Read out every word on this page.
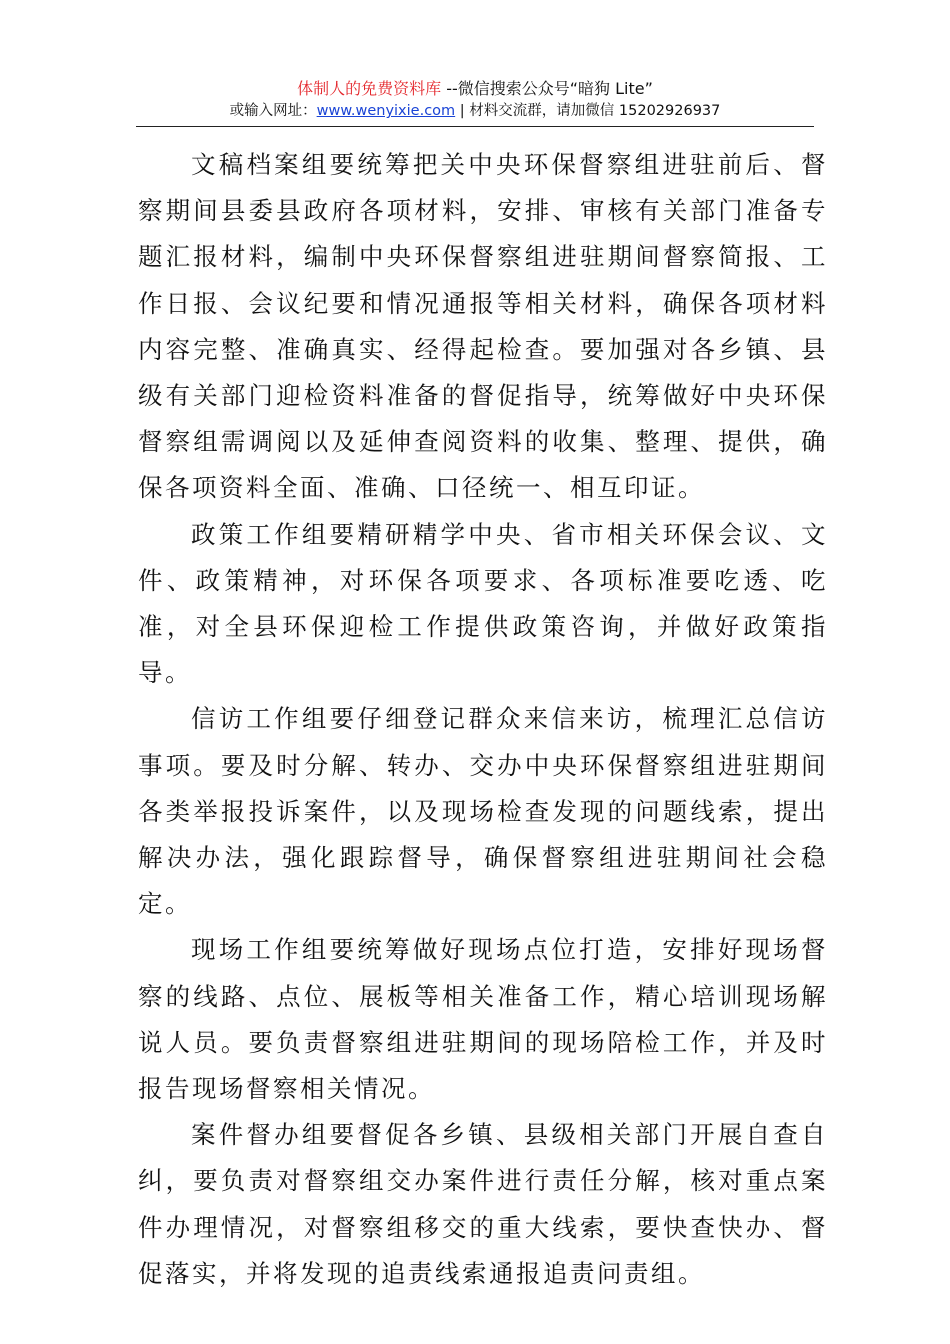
体制人的免费资料库 --微信搜索公众号“暗狗 Lite”
或输入网址：www.wenyixie.com | 材料交流群，请加微信 15202926937

文稿档案组要统筹把关中央环保督察组进驻前后、督察期间县委县政府各项材料，安排、审核有关部门准备专题汇报材料，编制中央环保督察组进驻期间督察简报、工作日报、会议纪要和情况通报等相关材料，确保各项材料内容完整、准确真实、经得起检查。要加强对各乡镇、县级有关部门迎检资料准备的督促指导，统筹做好中央环保督察组需调阅以及延伸查阅资料的收集、整理、提供，确保各项资料全面、准确、口径统一、相互印证。

政策工作组要精研精学中央、省市相关环保会议、文件、政策精神，对环保各项要求、各项标准要吃透、吃准，对全县环保迎检工作提供政策咨询，并做好政策指导。

信访工作组要仔细登记群众来信来访，梳理汇总信访事项。要及时分解、转办、交办中央环保督察组进驻期间各类举报投诉案件，以及现场检查发现的问题线索，提出解决办法，强化跟踪督导，确保督察组进驻期间社会稳定。

现场工作组要统筹做好现场点位打造，安排好现场督察的线路、点位、展板等相关准备工作，精心培训现场解说人员。要负责督察组进驻期间的现场陪检工作，并及时报告现场督察相关情况。

案件督办组要督促各乡镇、县级相关部门开展自查自纠，要负责对督察组交办案件进行责任分解，核对重点案件办理情况，对督察组移交的重大线索，要快查快办、督促落实，并将发现的追责线索通报追责问责组。
